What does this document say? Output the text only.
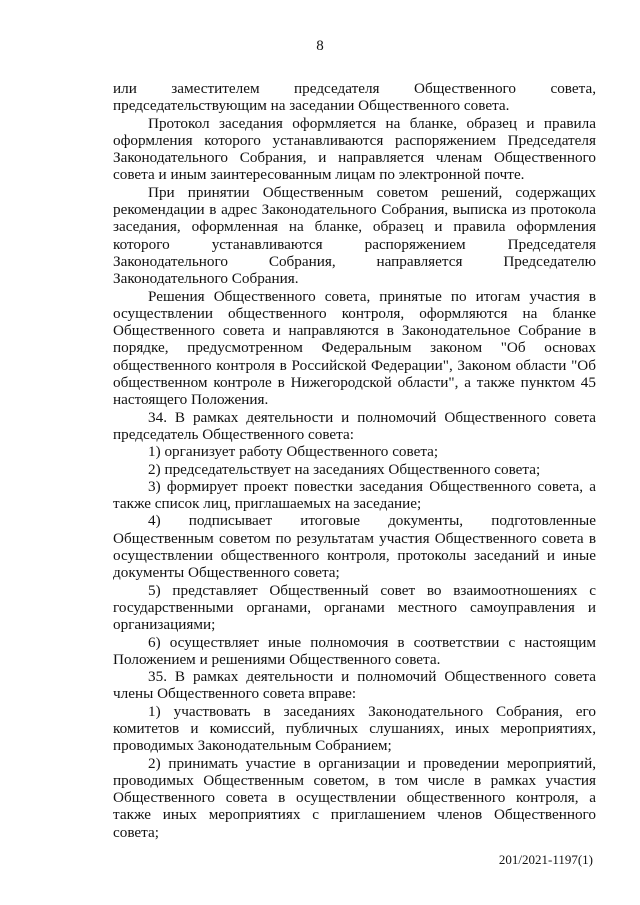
8

или заместителем председателя Общественного совета, председательствующим на заседании Общественного совета.

Протокол заседания оформляется на бланке, образец и правила оформления которого устанавливаются распоряжением Председателя Законодательного Собрания, и направляется членам Общественного совета и иным заинтересованным лицам по электронной почте.

При принятии Общественным советом решений, содержащих рекомендации в адрес Законодательного Собрания, выписка из протокола заседания, оформленная на бланке, образец и правила оформления которого устанавливаются распоряжением Председателя Законодательного Собрания, направляется Председателю Законодательного Собрания.

Решения Общественного совета, принятые по итогам участия в осуществлении общественного контроля, оформляются на бланке Общественного совета и направляются в Законодательное Собрание в порядке, предусмотренном Федеральным законом "Об основах общественного контроля в Российской Федерации", Законом области "Об общественном контроле в Нижегородской области", а также пунктом 45 настоящего Положения.

34. В рамках деятельности и полномочий Общественного совета председатель Общественного совета:

1) организует работу Общественного совета;

2) председательствует на заседаниях Общественного совета;

3) формирует проект повестки заседания Общественного совета, а также список лиц, приглашаемых на заседание;

4) подписывает итоговые документы, подготовленные Общественным советом по результатам участия Общественного совета в осуществлении общественного контроля, протоколы заседаний и иные документы Общественного совета;

5) представляет Общественный совет во взаимоотношениях с государственными органами, органами местного самоуправления и организациями;

6) осуществляет иные полномочия в соответствии с настоящим Положением и решениями Общественного совета.

35. В рамках деятельности и полномочий Общественного совета члены Общественного совета вправе:

1) участвовать в заседаниях Законодательного Собрания, его комитетов и комиссий, публичных слушаниях, иных мероприятиях, проводимых Законодательным Собранием;

2) принимать участие в организации и проведении мероприятий, проводимых Общественным советом, в том числе в рамках участия Общественного совета в осуществлении общественного контроля, а также иных мероприятиях с приглашением членов Общественного совета;

201/2021-1197(1)
